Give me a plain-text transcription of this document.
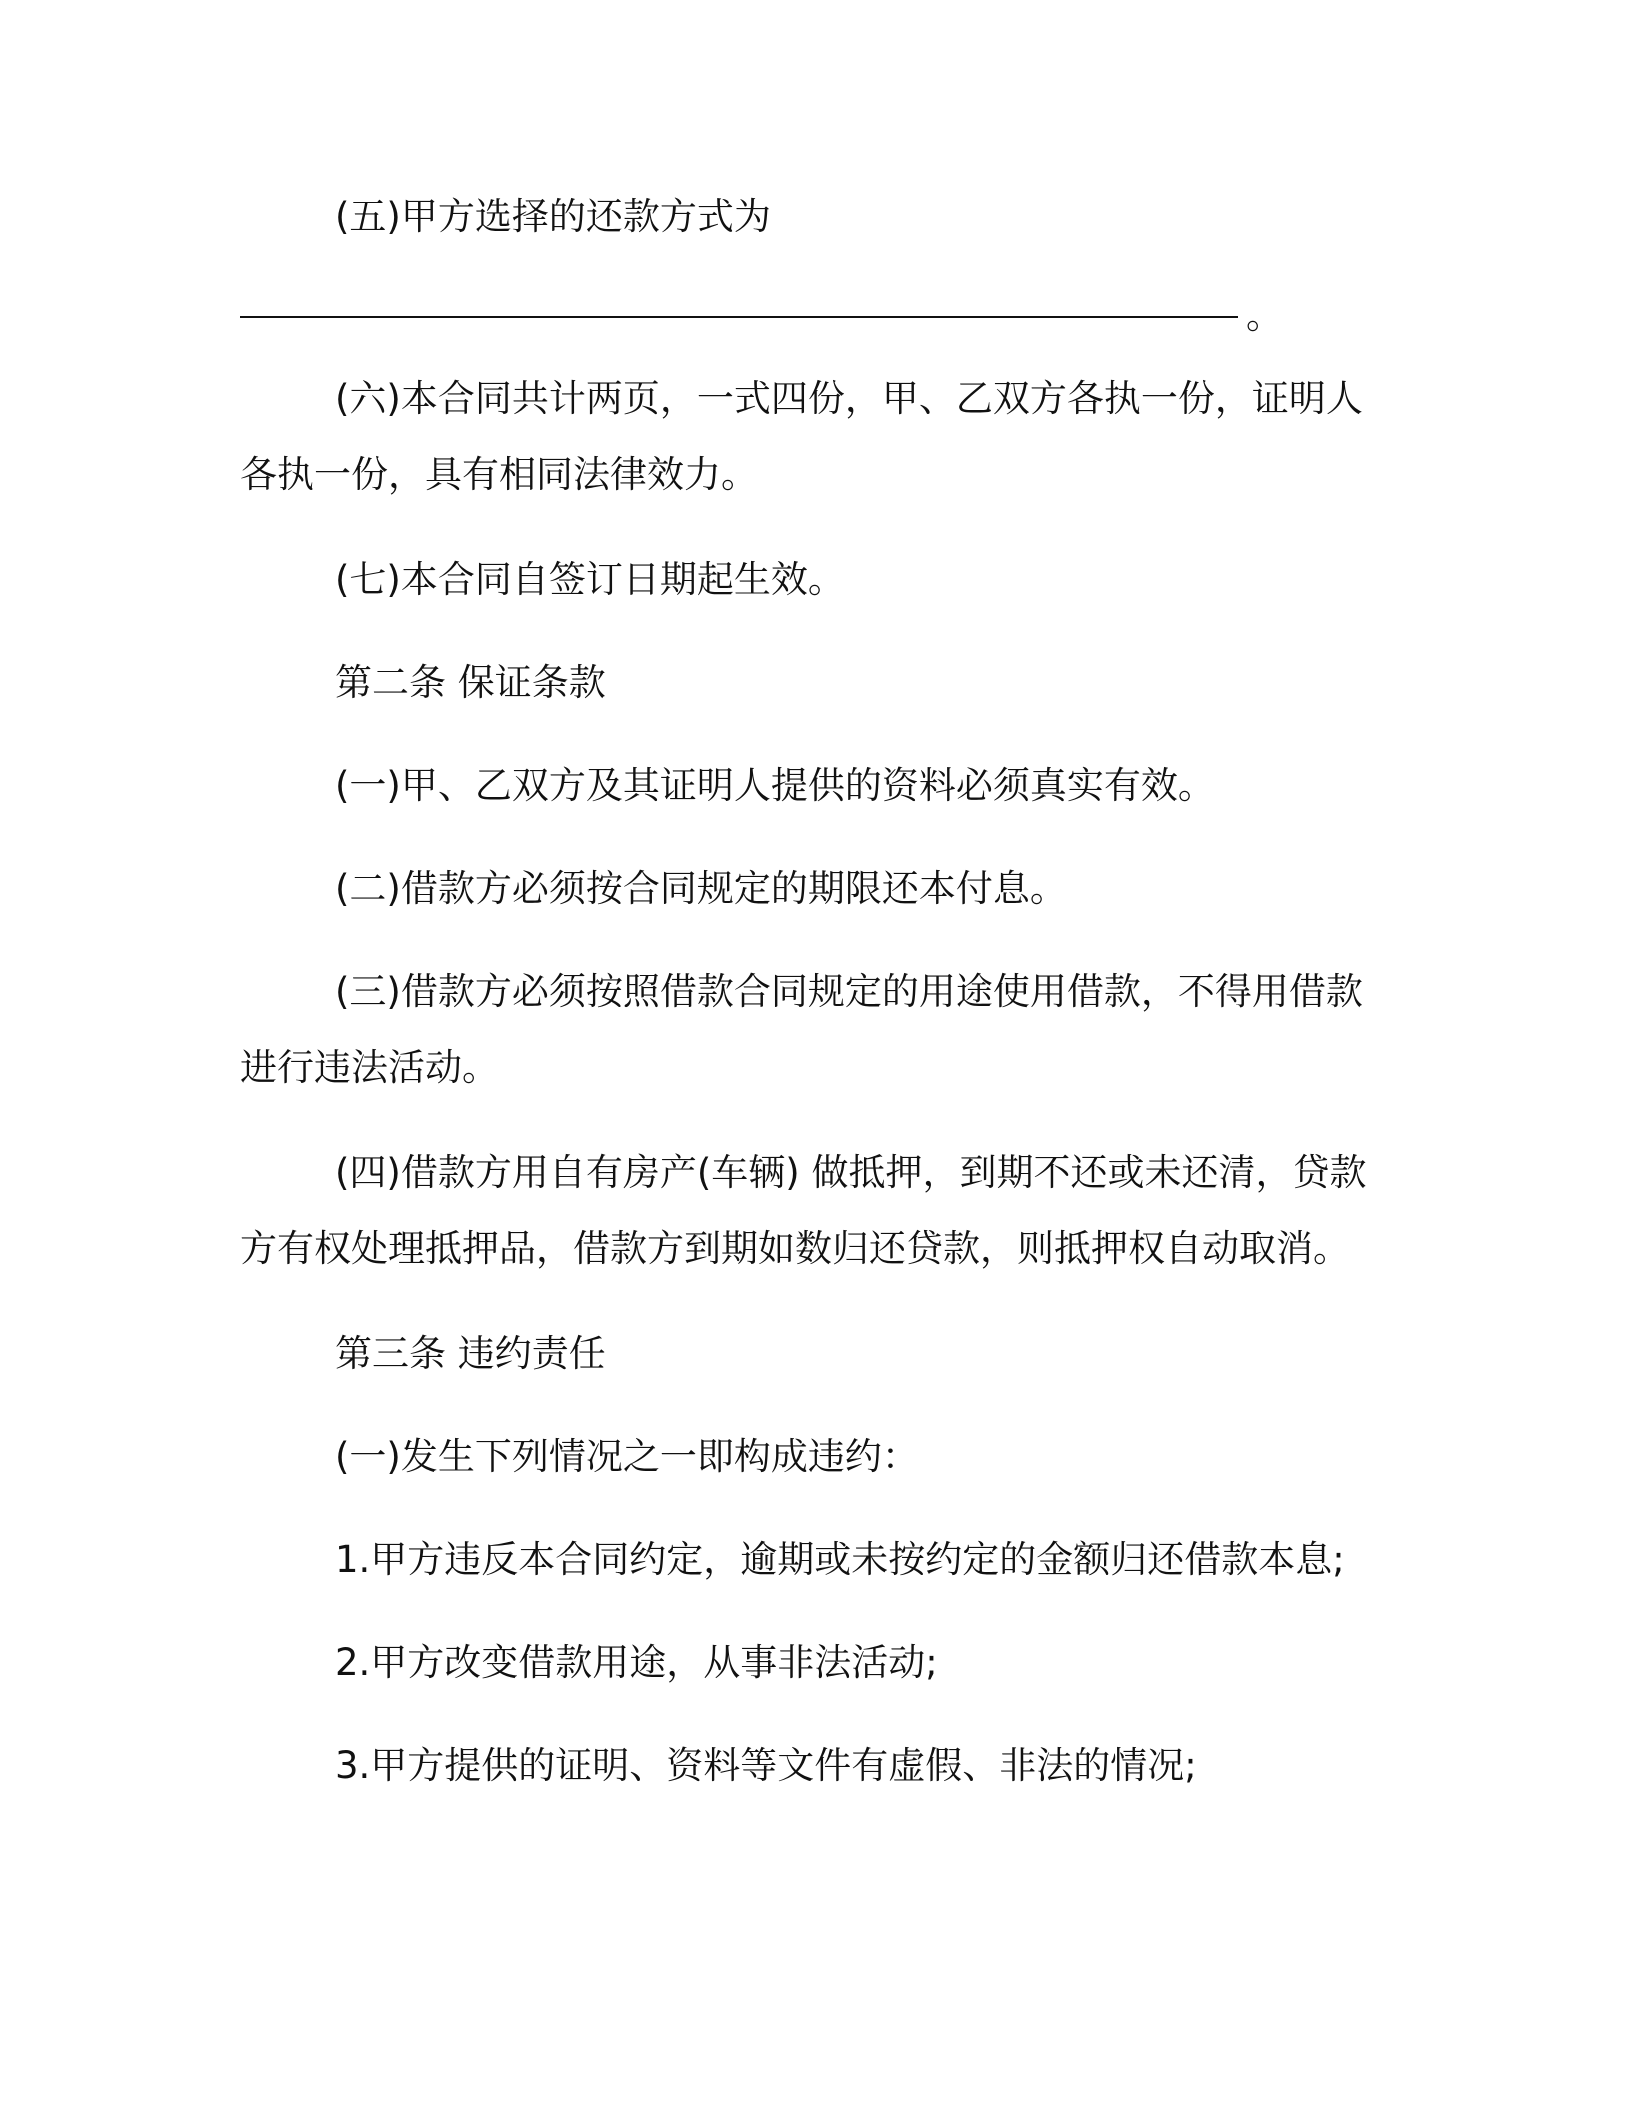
(五)甲方选择的还款方式为
。
(六)本合同共计两页，一式四份，甲、乙双方各执一份，证明人
各执一份，具有相同法律效力。
(七)本合同自签订日期起生效。
第二条 保证条款
(一)甲、乙双方及其证明人提供的资料必须真实有效。
(二)借款方必须按合同规定的期限还本付息。
(三)借款方必须按照借款合同规定的用途使用借款，不得用借款
进行违法活动。
(四)借款方用自有房产(车辆) 做抵押，到期不还或未还清，贷款
方有权处理抵押品，借款方到期如数归还贷款，则抵押权自动取消。
第三条 违约责任
(一)发生下列情况之一即构成违约：
1.甲方违反本合同约定，逾期或未按约定的金额归还借款本息;
2.甲方改变借款用途，从事非法活动;
3.甲方提供的证明、资料等文件有虚假、非法的情况;
